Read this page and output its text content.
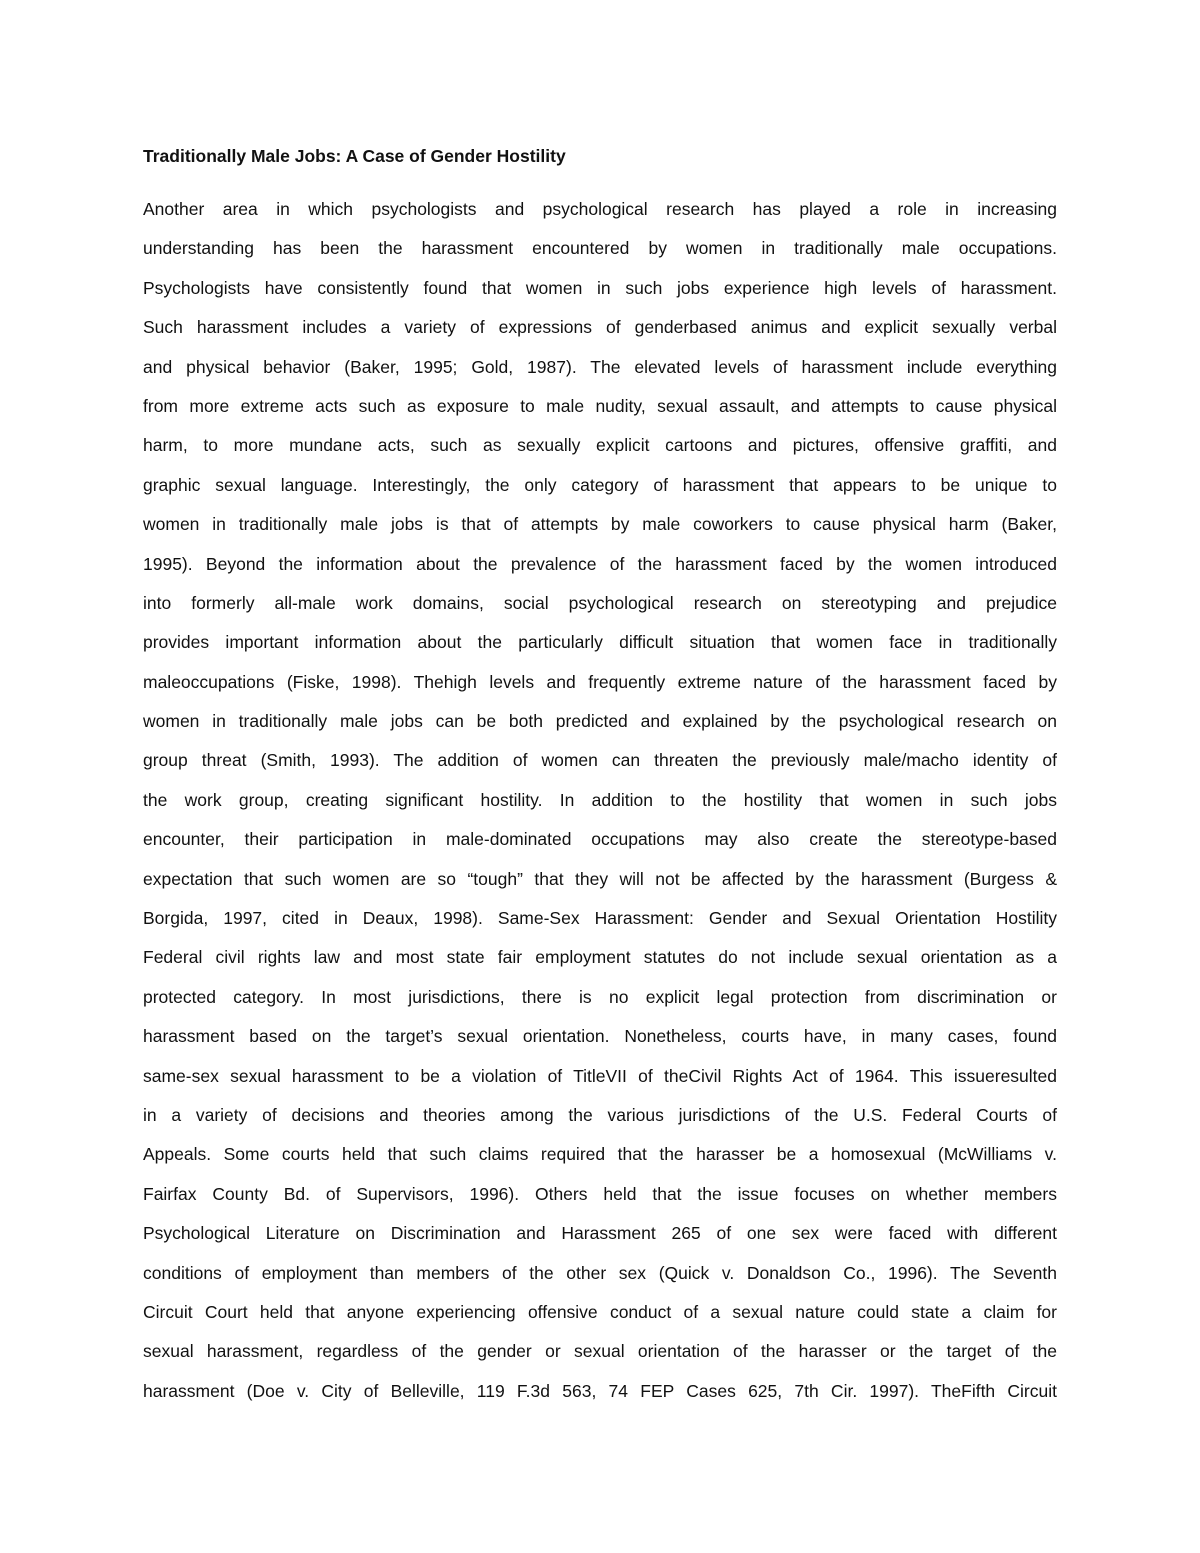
Traditionally Male Jobs: A Case of Gender Hostility
Another area in which psychologists and psychological research has played a role in increasing
understanding has been the harassment encountered by women in traditionally male occupations.
Psychologists have consistently found that women in such jobs experience high levels of harassment.
Such harassment includes a variety of expressions of genderbased animus and explicit sexually verbal
and physical behavior (Baker, 1995; Gold, 1987). The elevated levels of harassment include everything
from more extreme acts such as exposure to male nudity, sexual assault, and attempts to cause physical
harm, to more mundane acts, such as sexually explicit cartoons and pictures, offensive graffiti, and
graphic sexual language. Interestingly, the only category of harassment that appears to be unique to
women in traditionally male jobs is that of attempts by male coworkers to cause physical harm (Baker,
1995). Beyond the information about the prevalence of the harassment faced by the women introduced
into formerly all-male work domains, social psychological research on stereotyping and prejudice
provides important information about the particularly difficult situation that women face in traditionally
maleoccupations (Fiske, 1998). Thehigh levels and frequently extreme nature of the harassment faced by
women in traditionally male jobs can be both predicted and explained by the psychological research on
group threat (Smith, 1993). The addition of women can threaten the previously male/macho identity of
the work group, creating significant hostility. In addition to the hostility that women in such jobs
encounter, their participation in male-dominated occupations may also create the stereotype-based
expectation that such women are so “tough” that they will not be affected by the harassment (Burgess &
Borgida, 1997, cited in Deaux, 1998). Same-Sex Harassment: Gender and Sexual Orientation Hostility
Federal civil rights law and most state fair employment statutes do not include sexual orientation as a
protected category. In most jurisdictions, there is no explicit legal protection from discrimination or
harassment based on the target’s sexual orientation. Nonetheless, courts have, in many cases, found
same-sex sexual harassment to be a violation of TitleVII of theCivil Rights Act of 1964. This issueresulted
in a variety of decisions and theories among the various jurisdictions of the U.S. Federal Courts of
Appeals. Some courts held that such claims required that the harasser be a homosexual (McWilliams v.
Fairfax County Bd. of Supervisors, 1996). Others held that the issue focuses on whether members
Psychological Literature on Discrimination and Harassment 265 of one sex were faced with different
conditions of employment than members of the other sex (Quick v. Donaldson Co., 1996). The Seventh
Circuit Court held that anyone experiencing offensive conduct of a sexual nature could state a claim for
sexual harassment, regardless of the gender or sexual orientation of the harasser or the target of the
harassment (Doe v. City of Belleville, 119 F.3d 563, 74 FEP Cases 625, 7th Cir. 1997). TheFifth Circuit
